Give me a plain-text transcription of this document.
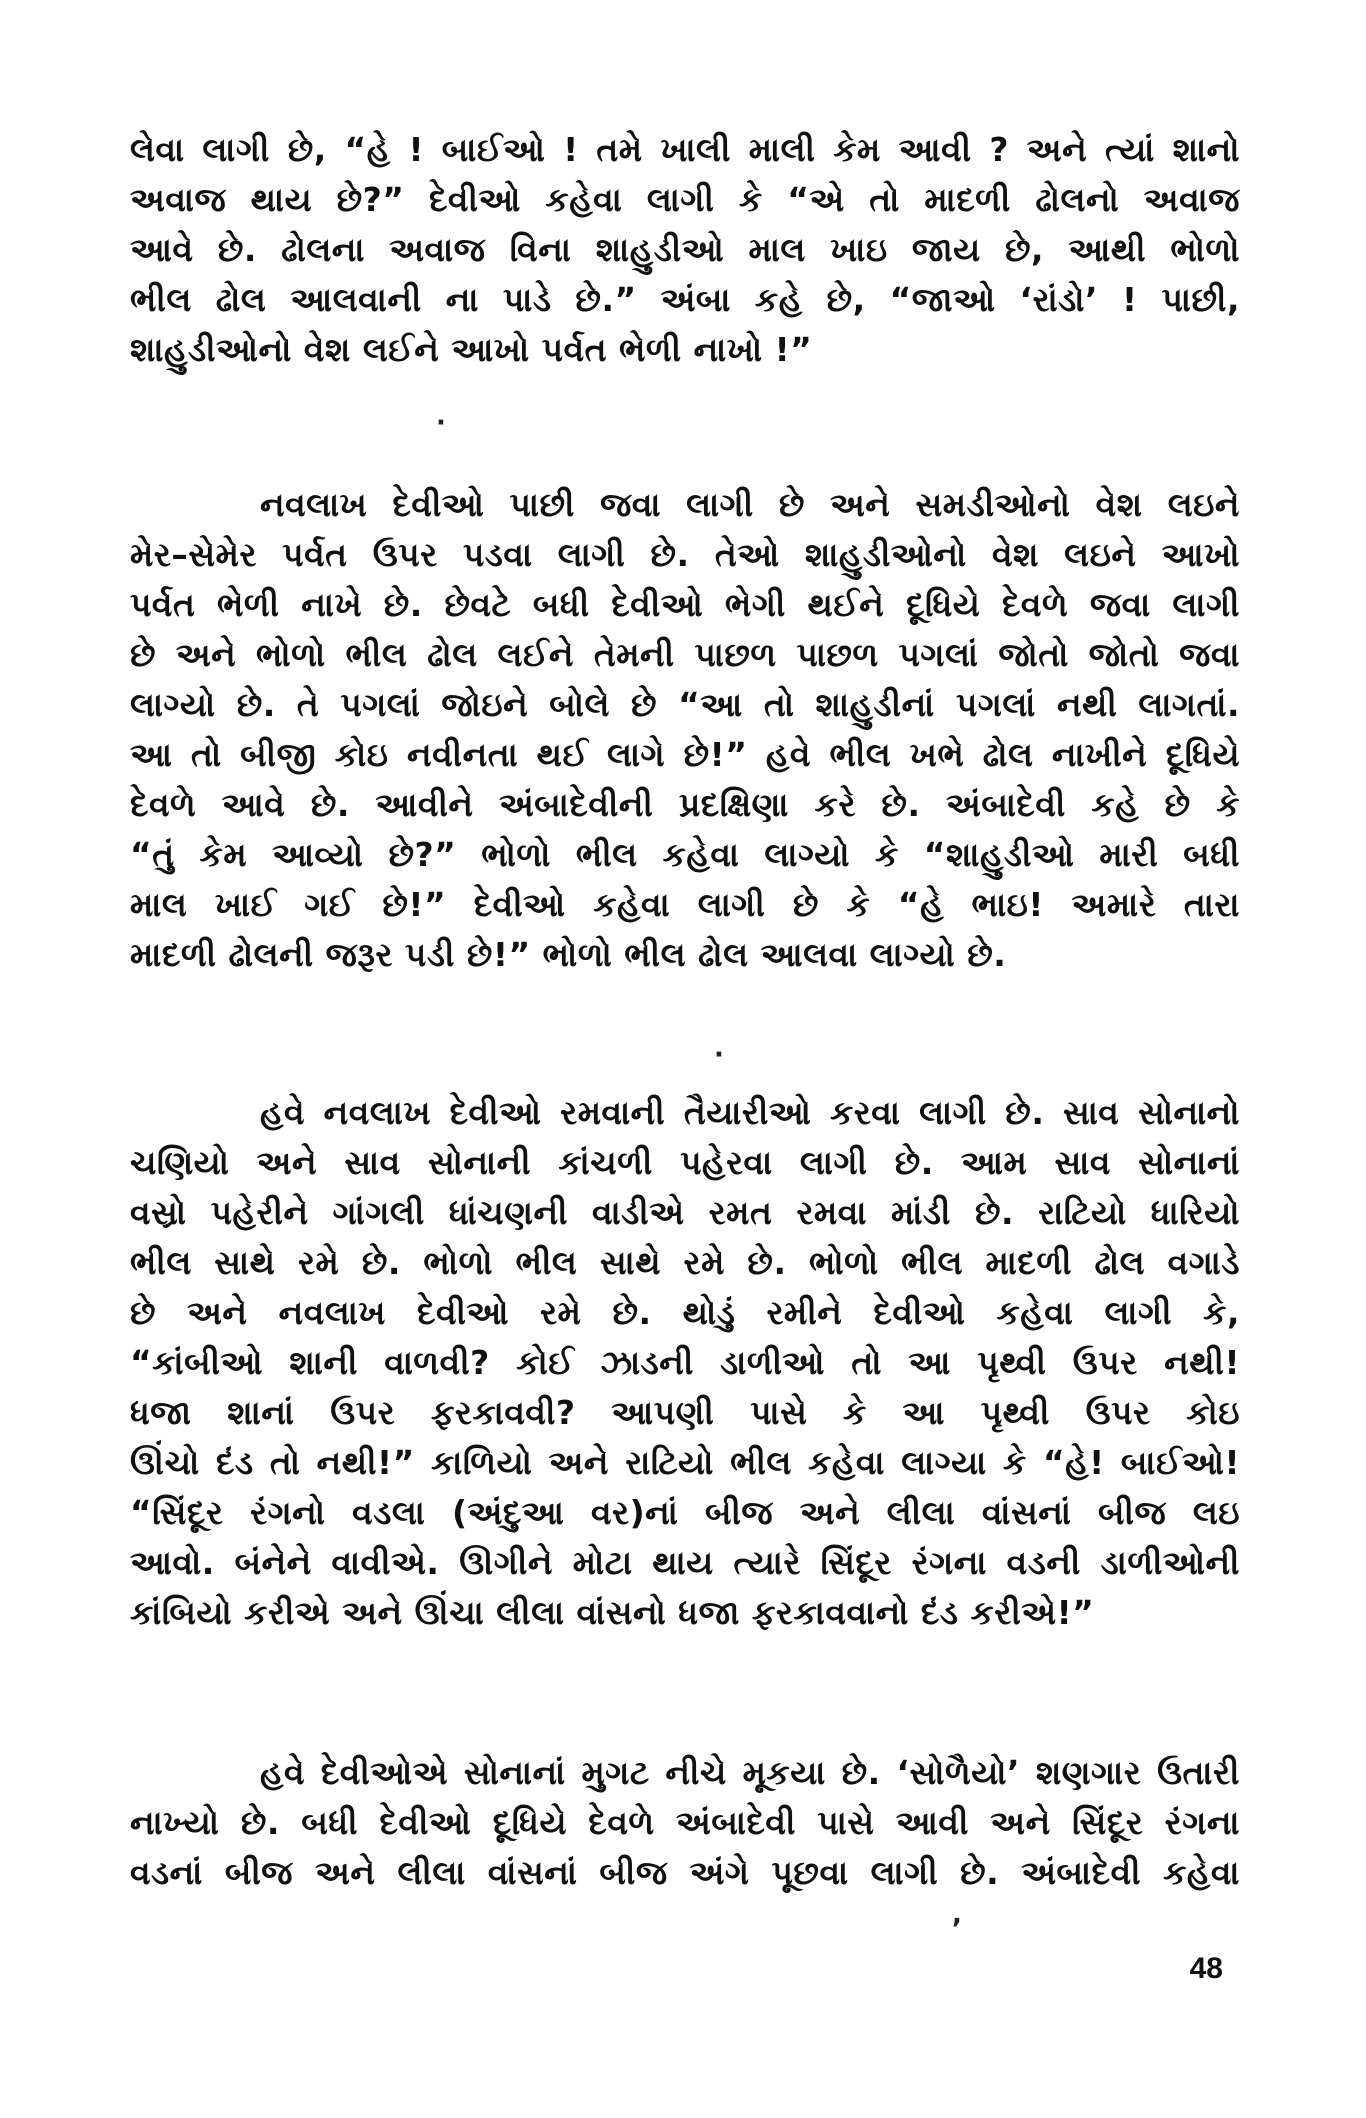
લેવા લાગી છે, “હે ! બાઈઓ ! તમે ખાલી માલી કેમ આવી ? અને ત્યાં શાનો
અવાજ થાય છે?” દેવીઓ કહેવા લાગી કે “એ તો માદળી ઢોલનો અવાજ
આવે છે. ઢોલના અવાજ વિના શાહુડીઓ માલ ખાઇ જાય છે, આથી ભોળો
ભીલ ઢોલ આલવાની ના પાડે છે.” અંબા કહે છે, “જાઓ ‘રાંડો’ ! પાછી,
શાહુડીઓનો વેશ લઈને આખો પર્વત ભેળી નાખો !”
નવલાખ દેવીઓ પાછી જવા લાગી છે અને સમડીઓનો વેશ લઇને
મેર–સેમેર પર્વત ઉપર પડવા લાગી છે. તેઓ શાહુડીઓનો વેશ લઇને આખો
પર્વત ભેળી નાખે છે. છેવટે બધી દેવીઓ ભેગી થઈને દૂધિયે દેવળે જવા લાગી
છે અને ભોળો ભીલ ઢોલ લઈને તેમની પાછળ પાછળ પગલાં જોતો જોતો જવા
લાગ્યો છે. તે પગલાં જોઇને બોલે છે “આ તો શાહુડીનાં પગલાં નથી લાગતાં.
આ તો બીજી કોઇ નવીનતા થઈ લાગે છે!” હવે ભીલ ખભે ઢોલ નાખીને દૂધિયે
દેવળે આવે છે. આવીને અંબાદેવીની પ્રદક્ષિણા કરે છે. અંબાદેવી કહે છે કે
“તું કેમ આવ્યો છે?” ભોળો ભીલ કહેવા લાગ્યો કે “શાહુડીઓ મારી બધી
માલ ખાઈ ગઈ છે!” દેવીઓ કહેવા લાગી છે કે “હે ભાઇ! અમારે તારા
માદળી ઢોલની જરૂર પડી છે!” ભોળો ભીલ ઢોલ આલવા લાગ્યો છે.
હવે નવલાખ દેવીઓ રમવાની તૈયારીઓ કરવા લાગી છે. સાવ સોનાનો
ચણિયો અને સાવ સોનાની કાંચળી પહેરવા લાગી છે. આમ સાવ સોનાનાં
વસ્રો પહેરીને ગાંગલી ધાંચણની વાડીએ રમત રમવા માંડી છે. રાટિયો ધારિયો
ભીલ સાથે રમે છે. ભોળો ભીલ સાથે રમે છે. ભોળો ભીલ માદળી ઢોલ વગાડે
છે અને નવલાખ દેવીઓ રમે છે. થોડું રમીને દેવીઓ કહેવા લાગી કે,
“કાંબીઓ શાની વાળવી? કોઈ ઝાડની ડાળીઓ તો આ પૃથ્વી ઉપર નથી!
ધજા શાનાં ઉપર ફરકાવવી? આપણી પાસે કે આ પૃથ્વી ઉપર કોઇ
ઊંચો દંડ તો નથી!” કાળિયો અને રાટિયો ભીલ કહેવા લાગ્યા કે “હે! બાઈઓ!
“સિંદૂર રંગનો વડલા (અંદુઆ વર)નાં બીજ અને લીલા વાંસનાં બીજ લઇ
આવો. બંનેને વાવીએ. ઊગીને મોટા થાય ત્યારે સિંદૂર રંગના વડની ડાળીઓની
કાંબિયો કરીએ અને ઊંચા લીલા વાંસનો ધજા ફરકાવવાનો દંડ કરીએ!”
હવે દેવીઓએ સોનાનાં મુગટ નીચે મૂકયા છે. ‘સોળૈયો’ શણગાર ઉતારી
નાખ્યો છે. બધી દેવીઓ દૂધિયે દેવળે અંબાદેવી પાસે આવી અને સિંદૂર રંગના
વડનાં બીજ અને લીલા વાંસનાં બીજ અંગે પૂછવા લાગી છે. અંબાદેવી કહેવા
·
·
,
48
